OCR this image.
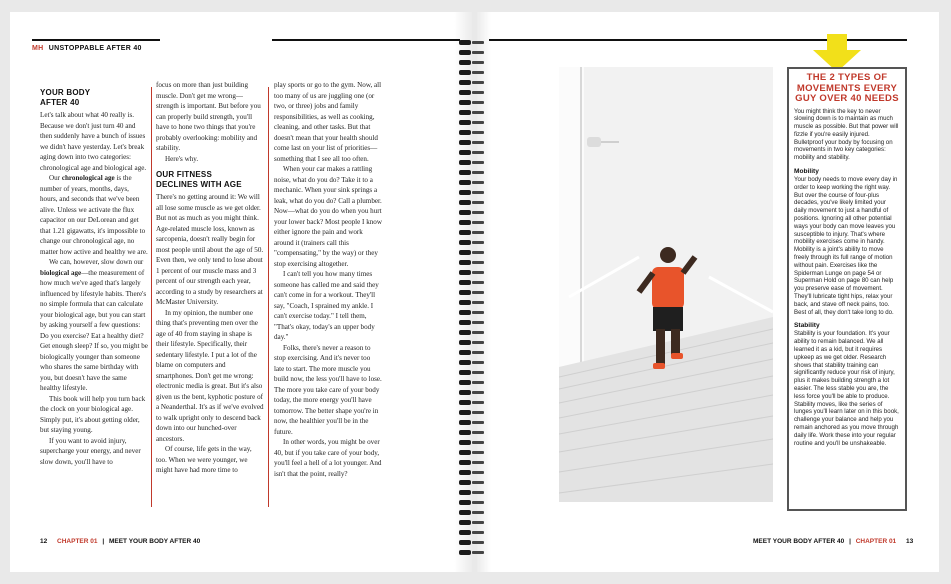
MH UNSTOPPABLE AFTER 40
YOUR BODY AFTER 40

Let's talk about what 40 really is. Because we don't just turn 40 and then suddenly have a bunch of issues we didn't have yesterday. Let's break aging down into two categories: chronological age and biological age.

Our chronological age is the number of years, months, days, hours, and seconds that we've been alive. Unless we activate the flux capacitor on our DeLorean and get that 1.21 gigawatts, it's impossible to change our chronological age, no matter how active and healthy we are.

We can, however, slow down our biological age—the measurement of how much we've aged that's largely influenced by lifestyle habits. There's no simple formula that can calculate your biological age, but you can start by asking yourself a few questions: Do you exercise? Eat a healthy diet? Get enough sleep? If so, you might be biologically younger than someone who shares the same birthday with you, but doesn't have the same healthy lifestyle.

This book will help you turn back the clock on your biological age. Simply put, it's about getting older, but staying young.

If you want to avoid injury, supercharge your energy, and never slow down, you'll have to

focus on more than just building muscle. Don't get me wrong—strength is important. But before you can properly build strength, you'll have to hone two things that you're probably overlooking: mobility and stability.

Here's why.

OUR FITNESS DECLINES WITH AGE

There's no getting around it: We will all lose some muscle as we get older. But not as much as you might think. Age-related muscle loss, known as sarcopenia, doesn't really begin for most people until about the age of 50. Even then, we only tend to lose about 1 percent of our muscle mass and 3 percent of our strength each year, according to a study by researchers at McMaster University.

In my opinion, the number one thing that's preventing men over the age of 40 from staying in shape is their lifestyle. Specifically, their sedentary lifestyle. I put a lot of the blame on computers and smartphones. Don't get me wrong: electronic media is great. But it's also given us the bent, kyphotic posture of a Neanderthal. It's as if we've evolved to walk upright only to descend back down into our hunched-over ancestors.

Of course, life gets in the way, too. When we were younger, we might have had more time to

play sports or go to the gym. Now, all too many of us are juggling one (or two, or three) jobs and family responsibilities, as well as cooking, cleaning, and other tasks. But that doesn't mean that your health should come last on your list of priorities—something that I see all too often.

When your car makes a rattling noise, what do you do? Take it to a mechanic. When your sink springs a leak, what do you do? Call a plumber. Now—what do you do when you hurt your lower back? Most people I know either ignore the pain and work around it (trainers call this "compensating," by the way) or they stop exercising altogether.

I can't tell you how many times someone has called me and said they can't come in for a workout. They'll say, "Coach, I sprained my ankle. I can't exercise today." I tell them, "That's okay, today's an upper body day."

Folks, there's never a reason to stop exercising. And it's never too late to start. The more muscle you build now, the less you'll have to lose. The more you take care of your body today, the more energy you'll have tomorrow. The better shape you're in now, the healthier you'll be in the future.

In other words, you might be over 40, but if you take care of your body, you'll feel a hell of a lot younger. And isn't that the point, really?

12 CHAPTER 01 | MEET YOUR BODY AFTER 40
THE 2 TYPES OF MOVEMENTS EVERY GUY OVER 40 NEEDS

You might think the key to never slowing down is to maintain as much muscle as possible. But that power will fizzle if you're easily injured. Bulletproof your body by focusing on movements in two key categories: mobility and stability.

Mobility

Your body needs to move every day in order to keep working the right way. But over the course of four-plus decades, you've likely limited your daily movement to just a handful of positions. Ignoring all other potential ways your body can move leaves you susceptible to injury. That's where mobility exercises come in handy. Mobility is a joint's ability to move freely through its full range of motion without pain. Exercises like the Spiderman Lunge on page 54 or Superman Hold on page 80 can help you preserve ease of movement. They'll lubricate tight hips, relax your back, and stave off neck pains, too. Best of all, they don't take long to do.

Stability

Stability is your foundation. It's your ability to remain balanced. We all learned it as a kid, but it requires upkeep as we get older. Research shows that stability training can significantly reduce your risk of injury, plus it makes building strength a lot easier. The less stable you are, the less force you'll be able to produce. Stability moves, like the series of lunges you'll learn later on in this book, challenge your balance and help you remain anchored as you move through daily life. Work these into your regular routine and you'll be unshakeable.

MEET YOUR BODY AFTER 40 | CHAPTER 01 13
